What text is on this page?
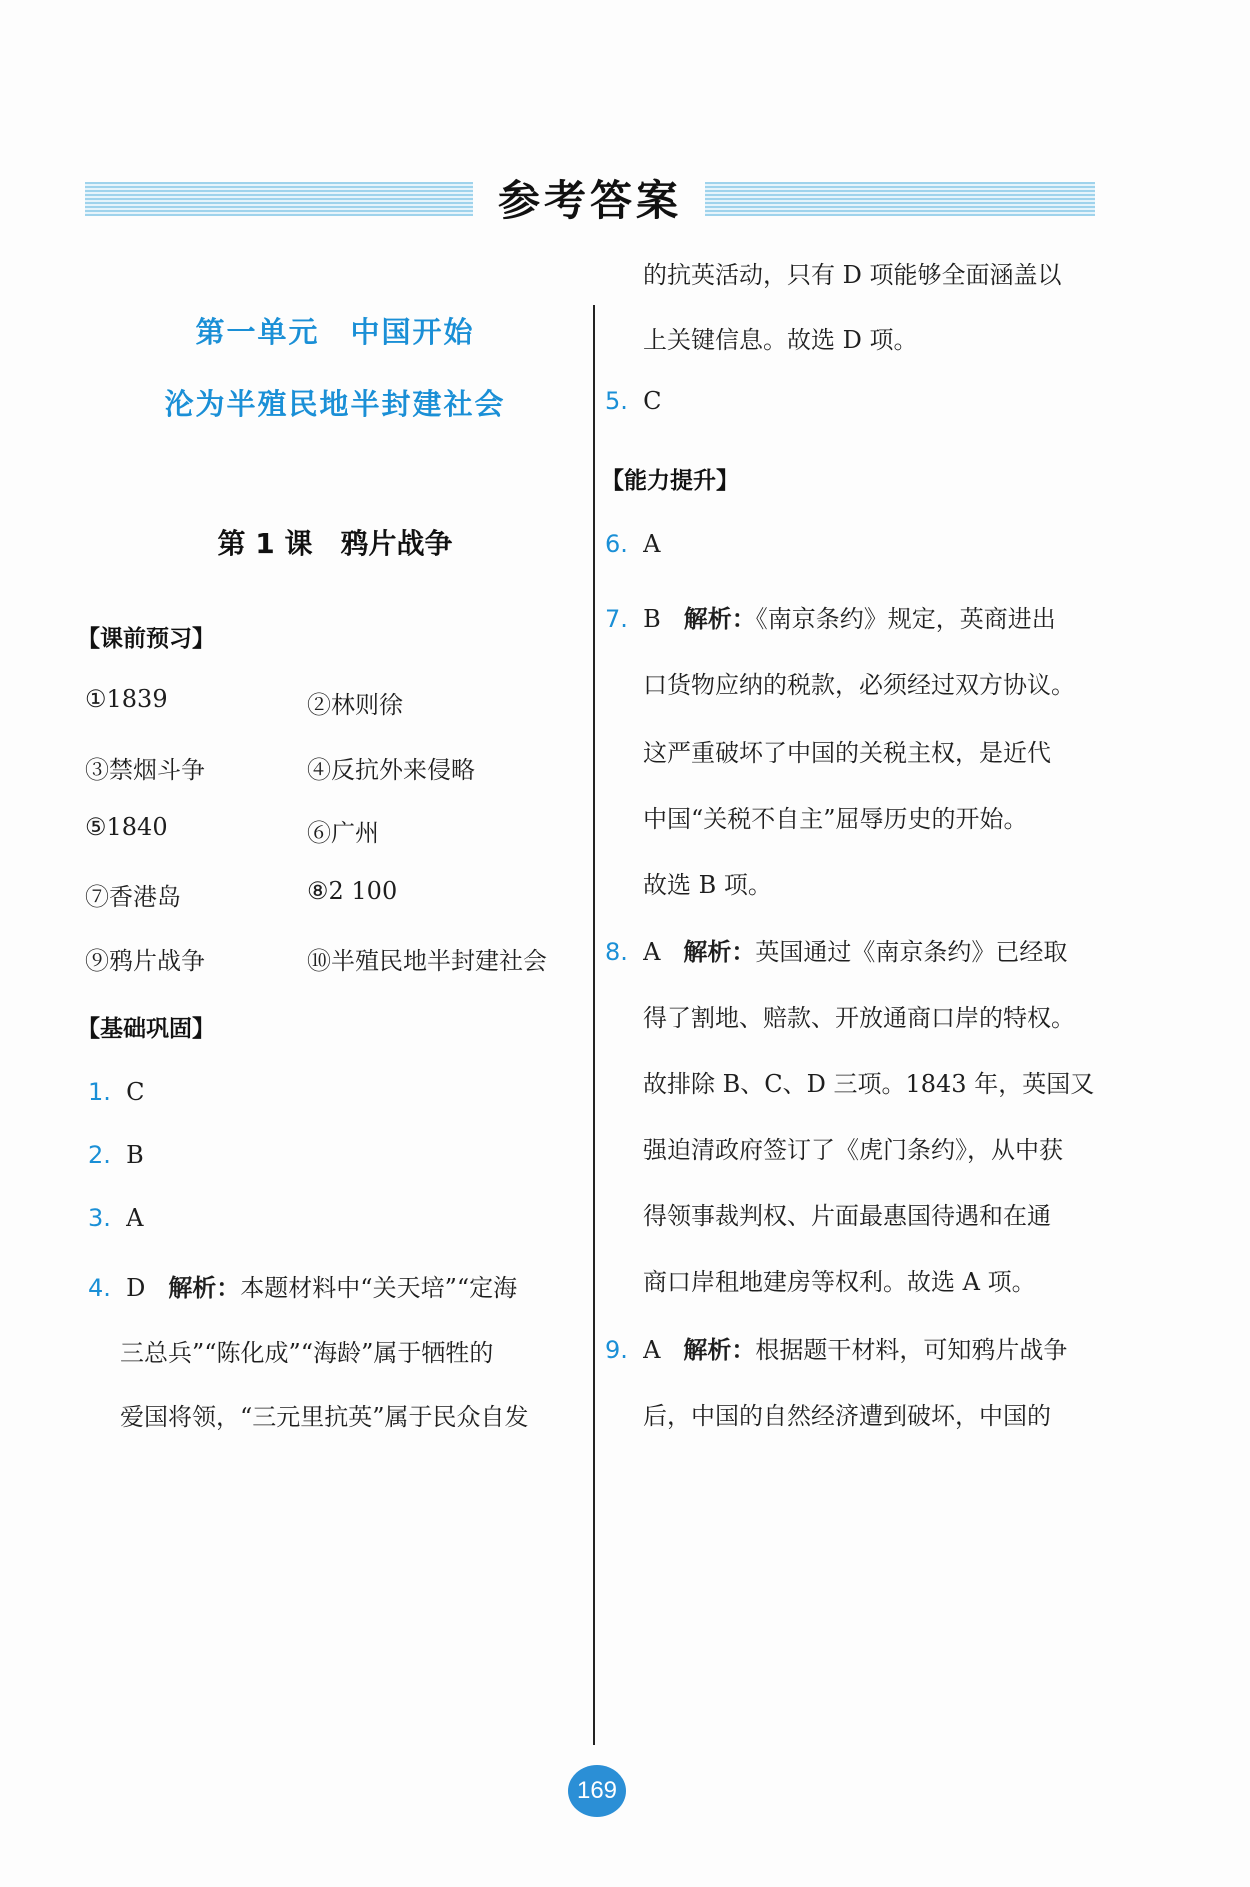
参考答案
第一单元　中国开始
沦为半殖民地半封建社会
第 1 课　鸦片战争
【课前预习】
①1839	②林则徐
③禁烟斗争	④反抗外来侵略
⑤1840	⑥广州
⑦香港岛	⑧2 100
⑨鸦片战争	⑩半殖民地半封建社会
【基础巩固】
1. C
2. B
3. A
4. D 解析：本题材料中“关天培”“定海
三总兵”“陈化成”“海龄”属于牺牲的
爱国将领，“三元里抗英”属于民众自发
的抗英活动，只有 D 项能够全面涵盖以
上关键信息。故选 D 项。
5. C
【能力提升】
6. A
7. B 解析：《南京条约》规定，英商进出
口货物应纳的税款，必须经过双方协议。
这严重破坏了中国的关税主权，是近代
中国“关税不自主”屈辱历史的开始。
故选 B 项。
8. A 解析：英国通过《南京条约》已经取
得了割地、赔款、开放通商口岸的特权。
故排除 B、C、D 三项。1843 年，英国又
强迫清政府签订了《虎门条约》，从中获
得领事裁判权、片面最惠国待遇和在通
商口岸租地建房等权利。故选 A 项。
9. A 解析：根据题干材料，可知鸦片战争
后，中国的自然经济遭到破坏，中国的
169
